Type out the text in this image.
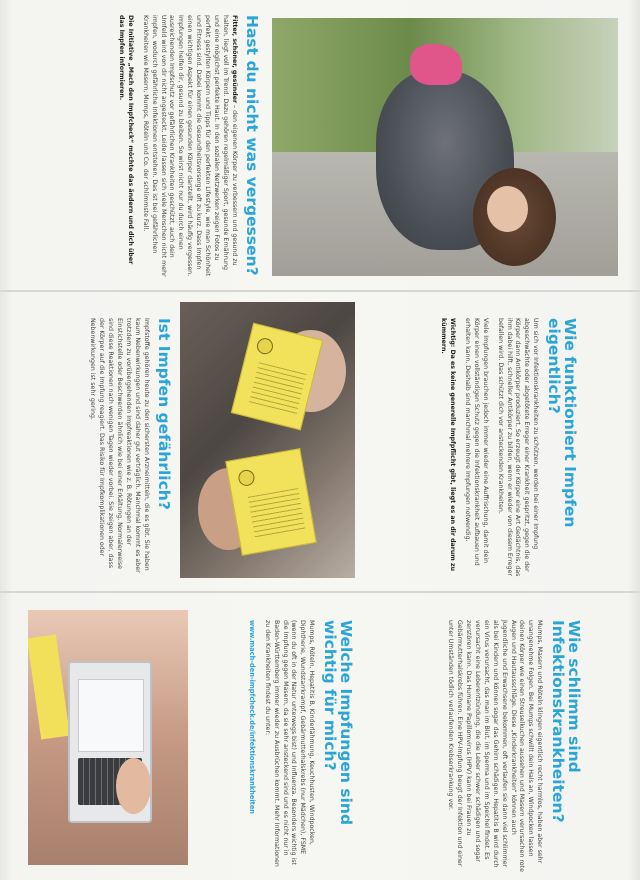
Hast du nicht was vergessen?

Fitter, schöner, gesünder – den eigenen Körper zu verbessern und gesund zu halten, liegt voll im Trend. Dazu gehören regelmäßiger Sport, gesunde Ernährung und eine möglichst perfekte Haut. In den sozialen Netzwerken zeigen Fotos zu perfekt gestylten Körpern und Tipps für den perfekten Lifestyle, wie man Schönheit und Fitness sind. Dabei kommt die Gesundheitsvorsorge oft zu kurz. Dass Impfen einen wichtigen Aspekt für einen gesunden Körper darstellt, wird häufig vergessen. Impfungen helfen dir, gesund zu bleiben. So wirst nicht nur du durch einen ausreichenden Impfschutz vor gefährlichen Krankheiten geschützt, auch dein Umfeld wird von dir nicht angesteckt. Leider lassen sich viele Menschen nicht mehr impfen, wodurch gefährliche Infektionen entstehen. Das ist bei gefährlichen Krankheiten wie Masern, Mumps, Röteln und Co. der schlimmste Fall.

Die Initiative „Mach den Impfcheck“ möchte das ändern und dich über das Impfen informieren.

Ist Impfen gefährlich?

Impfstoffe gehören heute zu den sichersten Arzneimitteln, die es gibt. Sie haben kaum Nebenwirkungen und sind daher gut verträglich. Manchmal kommt es aber trotzdem zu vorübergehenden Impfreaktionen wie z. B. Rötungen an der Einstichstelle oder Beschwerden ähnlich wie bei einer Erkältung. Normalerweise sind diese Reaktionen nach wenigen Tagen wieder vorbei. Sie zeigen aber, dass der Körper auf die Impfung reagiert. Das Risiko für Impfkomplikationen oder Nebenwirkungen ist sehr gering.	Wie funktioniert Impfen eigentlich?

Um sich vor Infektionskrankheiten zu schützen, werden bei einer Impfung abgeschwächte oder abgetötete Erreger einer Krankheit gespritzt, gegen die der Körper dann Antikörper produziert. So erzeugt der Körper eine Art Gedächtnis, das ihm dabei hilft, schneller Antikörper zu bilden, wenn er wieder von diesem Erreger befallen wird. Das schützt dich vor ansteckenden Krankheiten.

Viele Impfungen brauchen jedoch immer wieder eine Auffrischung, damit dein Körper einen vollständigen Schutz gegen die Infektionskrankheit aufbauen und erhalten kann. Deshalb sind manchmal mehrere Impfungen notwendig.

Wichtig: Da es keine generelle Impfpflicht gibt, liegt es an dir darum zu kümmern.

Welche Impfungen sind wichtig für mich?

Mumps, Röteln, Hepatitis B, Kinderlähmung, Keuchhusten, Windpocken, Diphtherie, Wundstarrkrampf, Gebärmutterhalskrebs (nur Mädchen), FSME (wenn du oft in der Natur unterwegs bist) und Influenza. Besonders wichtig ist die Impfung gegen Masern, da sie sehr ansteckend sind und es nicht nur in Baden-Württemberg immer wieder zu Ausbrüchen kommt. Mehr Informationen zu den Krankheiten findest du unter:

www.mach-den-impfcheck.de/infektionskrankheiten	Wie schlimm sind Infektionskrankheiten?

Mumps, Masern und Röteln klingen eigentlich recht harmlos, haben aber sehr unangenehme Folgen. Bei Mumps schwillt dein Hals an, Windpocken lassen deinen Körper wie einen Streuselkuchen aussehen und Masern verursachen rote Augen und Hautausschläge. Diese „Kinderkrankheiten“ können auch Jugendliche und Erwachsene bekommen, oft verlaufen sie dann viel schlimmer als bei Kindern und können sogar das Gehirn schädigen. Hepatitis B wird durch ein Virus verursacht, das man im Blut, im Sperma und im Speichel findet. Es verursacht eine Leberentzündung, die die Leber schwer schädigen und sogar zerstören kann. Das Humane Papillomvirus (HPV) kann bei Frauen zu Gebärmutterhalskrebs führen. Eine HPV-Impfung beugt der Infektion und einer unter Umständen tödlich verlaufenden Krebserkrankung vor.
